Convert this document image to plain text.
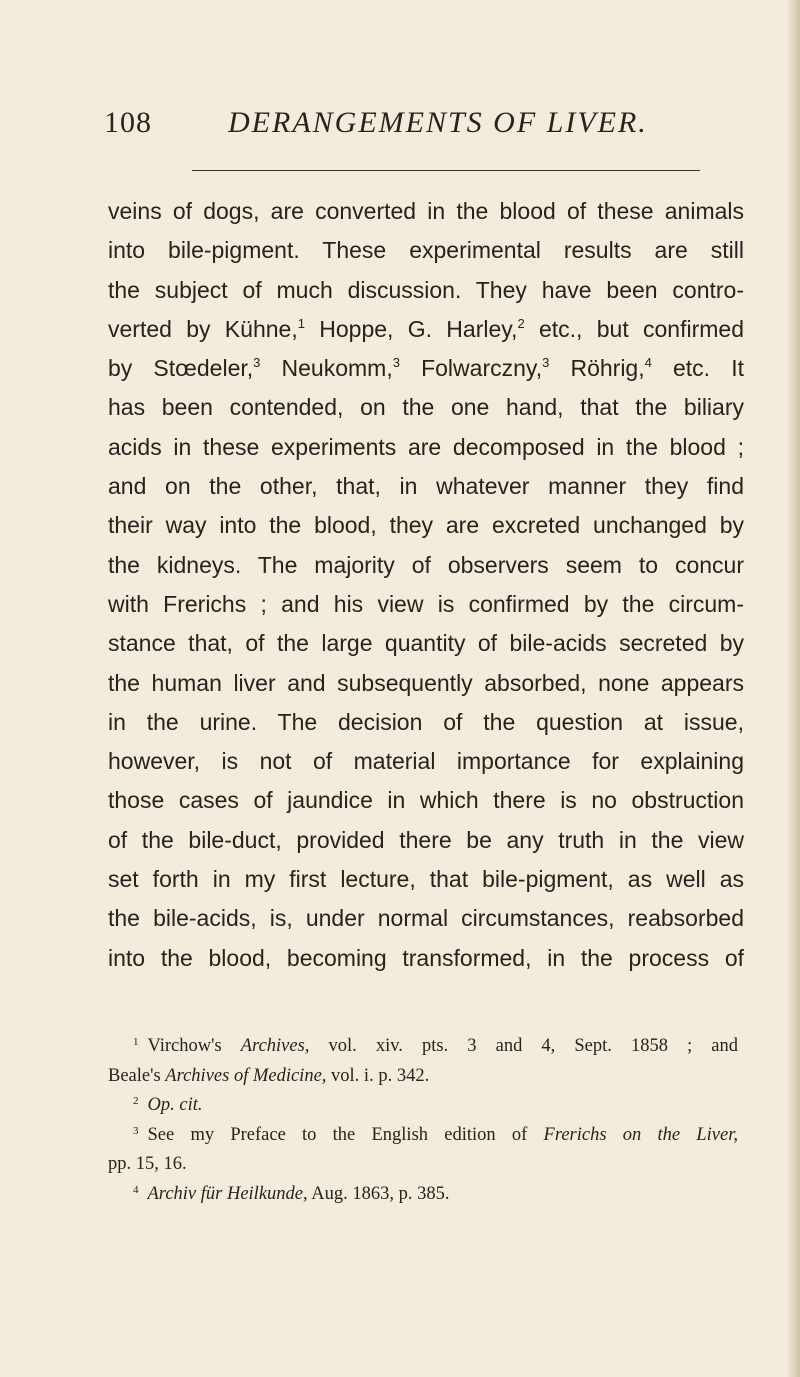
108	DERANGEMENTS OF LIVER.
veins of dogs, are converted in the blood of these animals
into bile-pigment. These experimental results are still
the subject of much discussion. They have been contro-
verted by Kühne,$^1$ Hoppe, G. Harley,$^2$ etc., but confirmed
by Stœdeler,$^3$ Neukomm,$^3$ Folwarczny,$^3$ Röhrig,$^4$ etc. It
has been contended, on the one hand, that the biliary
acids in these experiments are decomposed in the blood ;
and on the other, that, in whatever manner they find
their way into the blood, they are excreted unchanged by
the kidneys. The majority of observers seem to concur
with Frerichs ; and his view is confirmed by the circum-
stance that, of the large quantity of bile-acids secreted by
the human liver and subsequently absorbed, none appears
in the urine. The decision of the question at issue,
however, is not of material importance for explaining
those cases of jaundice in which there is no obstruction
of the bile-duct, provided there be any truth in the view
set forth in my first lecture, that bile-pigment, as well as
the bile-acids, is, under normal circumstances, reabsorbed
into the blood, becoming transformed, in the process of
$^1$ Virchow's Archives, vol. xiv. pts. 3 and 4, Sept. 1858 ; and
Beale's Archives of Medicine, vol. i. p. 342.
$^2$ Op. cit.
$^3$ See my Preface to the English edition of Frerichs on the Liver,
pp. 15, 16.
$^4$ Archiv für Heilkunde, Aug. 1863, p. 385.
